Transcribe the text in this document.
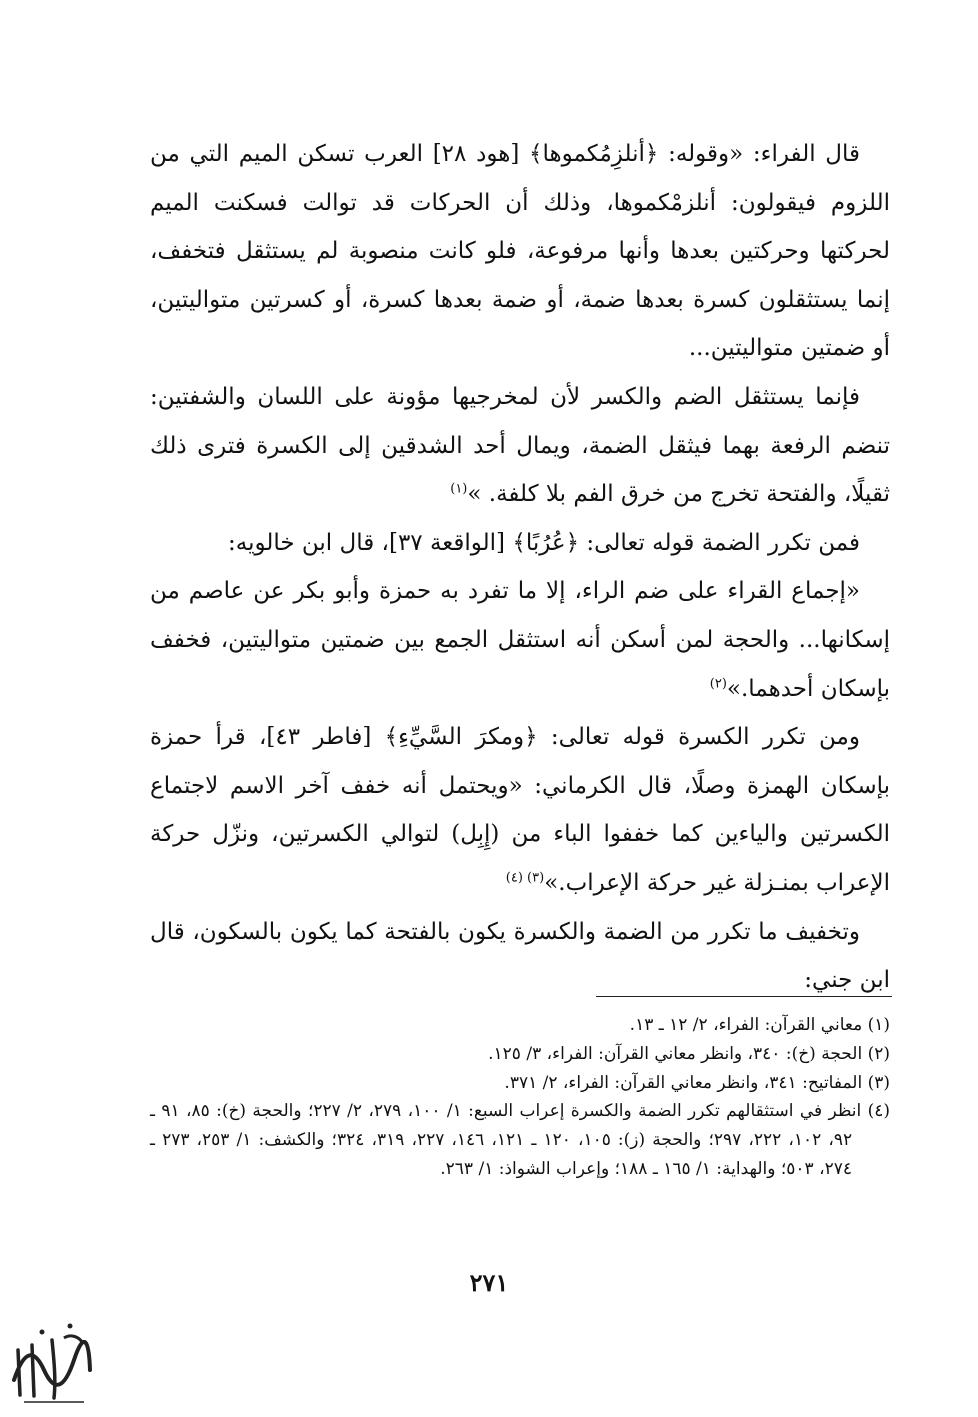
قال الفراء: «وقوله: ﴿أنلزِمُكموها﴾ [هود ٢٨] العرب تسكن الميم التي من اللزوم فيقولون: أنلزمْكموها، وذلك أن الحركات قد توالت فسكنت الميم لحركتها وحركتين بعدها وأنها مرفوعة، فلو كانت منصوبة لم يستثقل فتخفف، إنما يستثقلون كسرة بعدها ضمة، أو ضمة بعدها كسرة، أو كسرتين متواليتين، أو ضمتين متواليتين...

فإنما يستثقل الضم والكسر لأن لمخرجيها مؤونة على اللسان والشفتين: تنضم الرفعة بهما فيثقل الضمة، ويمال أحد الشدقين إلى الكسرة فترى ذلك ثقيلًا، والفتحة تخرج من خرق الفم بلا كلفة. »$^{(١)}$

فمن تكرر الضمة قوله تعالى: ﴿عُرُبًا﴾ [الواقعة ٣٧]، قال ابن خالويه:

«إجماع القراء على ضم الراء، إلا ما تفرد به حمزة وأبو بكر عن عاصم من إسكانها... والحجة لمن أسكن أنه استثقل الجمع بين ضمتين متواليتين، فخفف بإسكان أحدهما.»$^{(٢)}$

ومن تكرر الكسرة قوله تعالى: ﴿ومكرَ السَّيِّءِ﴾ [فاطر ٤٣]، قرأ حمزة بإسكان الهمزة وصلًا، قال الكرماني: «ويحتمل أنه خفف آخر الاسم لاجتماع الكسرتين والياءين كما خففوا الباء من (إِبِل) لتوالي الكسرتين، ونزّل حركة الإعراب بمنـزلة غير حركة الإعراب.»$^{(٣) (٤)}$

وتخفيف ما تكرر من الضمة والكسرة يكون بالفتحة كما يكون بالسكون، قال ابن جني:

(١) معاني القرآن: الفراء، ٢/ ١٢ ـ ١٣.

(٢) الحجة (خ): ٣٤٠، وانظر معاني القرآن: الفراء، ٣/ ١٢٥.

(٣) المفاتيح: ٣٤١، وانظر معاني القرآن: الفراء، ٢/ ٣٧١.

(٤) انظر في استثقالهم تكرر الضمة والكسرة إعراب السبع: ١/ ١٠٠، ٢٧٩، ٢/ ٢٢٧؛ والحجة (خ): ٨٥، ٩١ ـ ٩٢، ١٠٢، ٢٢٢، ٢٩٧؛ والحجة (ز): ١٠٥، ١٢٠ ـ ١٢١، ١٤٦، ٢٢٧، ٣١٩، ٣٢٤؛ والكشف: ١/ ٢٥٣، ٢٧٣ ـ ٢٧٤، ٥٠٣؛ والهداية: ١/ ١٦٥ ـ ١٨٨؛ وإعراب الشواذ: ١/ ٢٦٣.

٢٧١
